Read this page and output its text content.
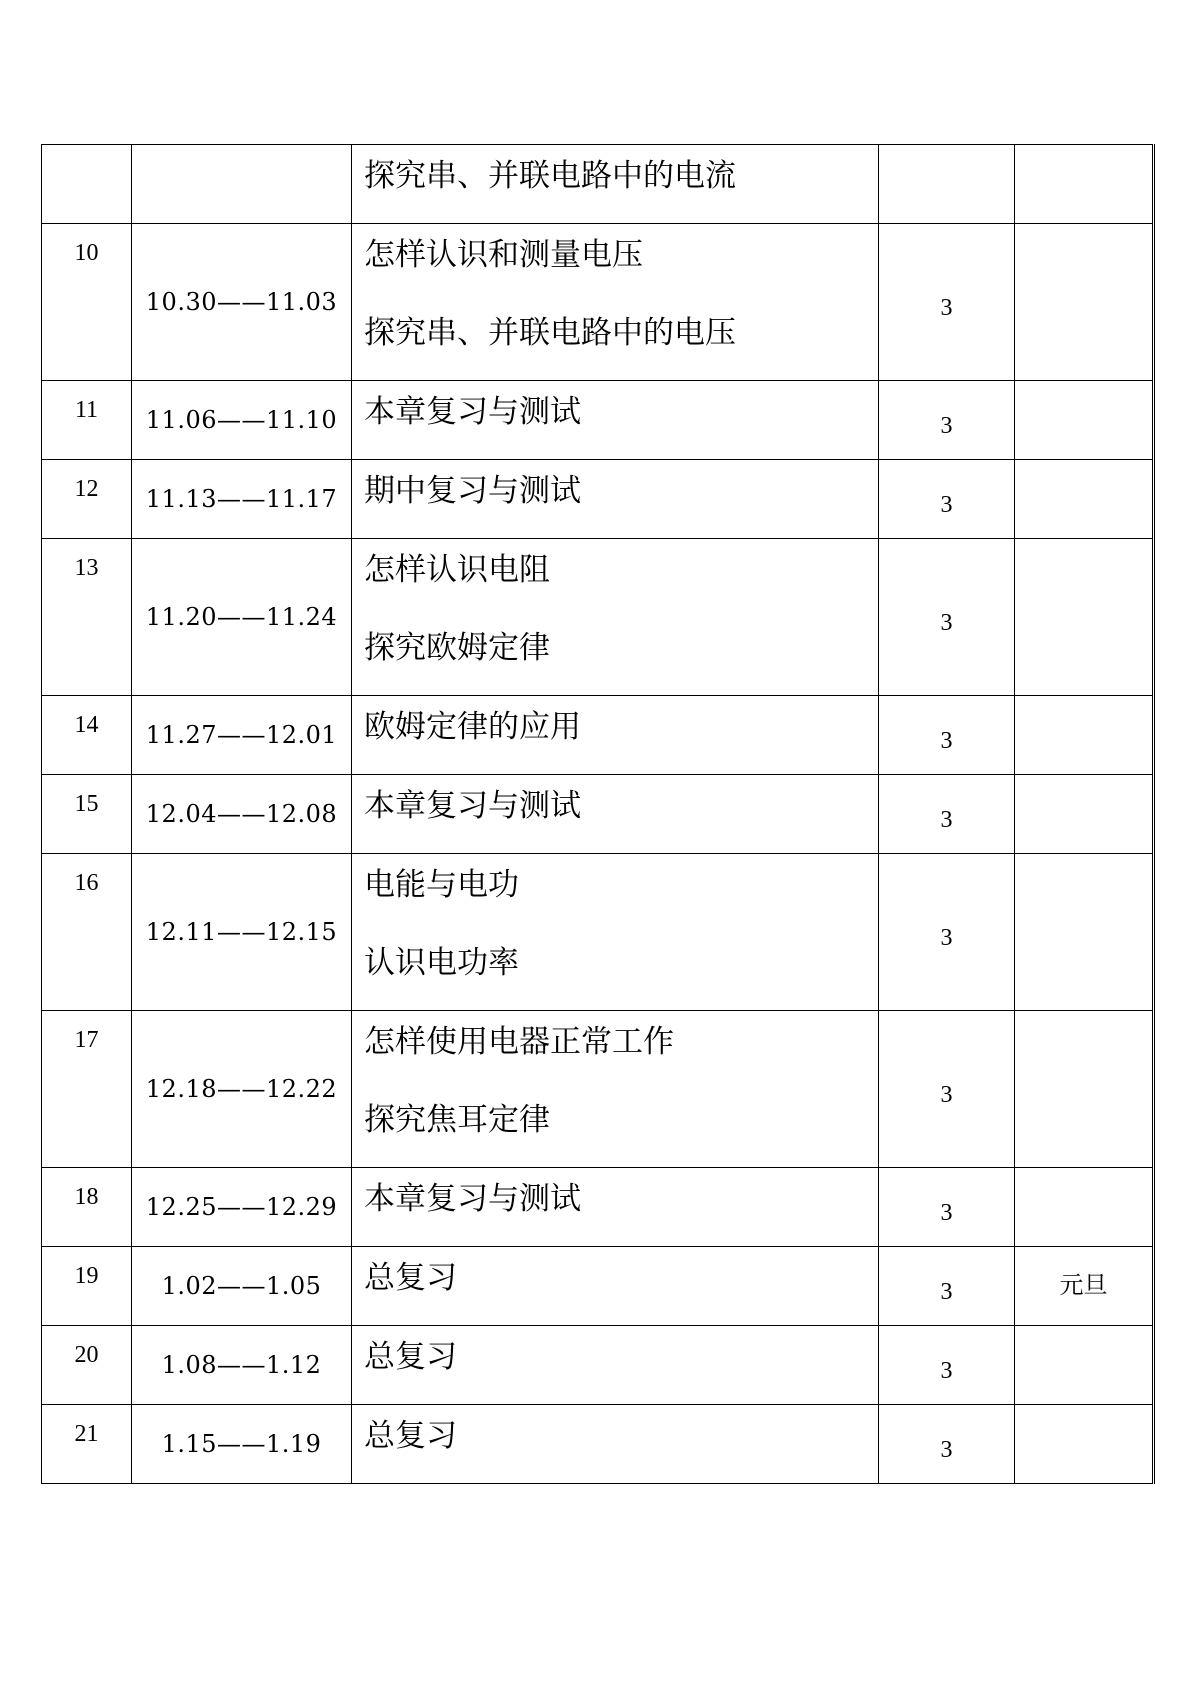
		探究串、并联电路中的电流		

10	10.30——11.03	怎样认识和测量电压
探究串、并联电路中的电压	3	
11	11.06——11.10	本章复习与测试	3	
12	11.13——11.17	期中复习与测试	3	
13	11.20——11.24	怎样认识电阻
探究欧姆定律	3	
14	11.27——12.01	欧姆定律的应用	3	
15	12.04——12.08	本章复习与测试	3	
16	12.11——12.15	电能与电功
认识电功率	3	
17	12.18——12.22	怎样使用电器正常工作
探究焦耳定律	3	
18	12.25——12.29	本章复习与测试	3	
19	1.02——1.05	总复习	3	元旦
20	1.08——1.12	总复习	3	
21	1.15——1.19	总复习	3	
